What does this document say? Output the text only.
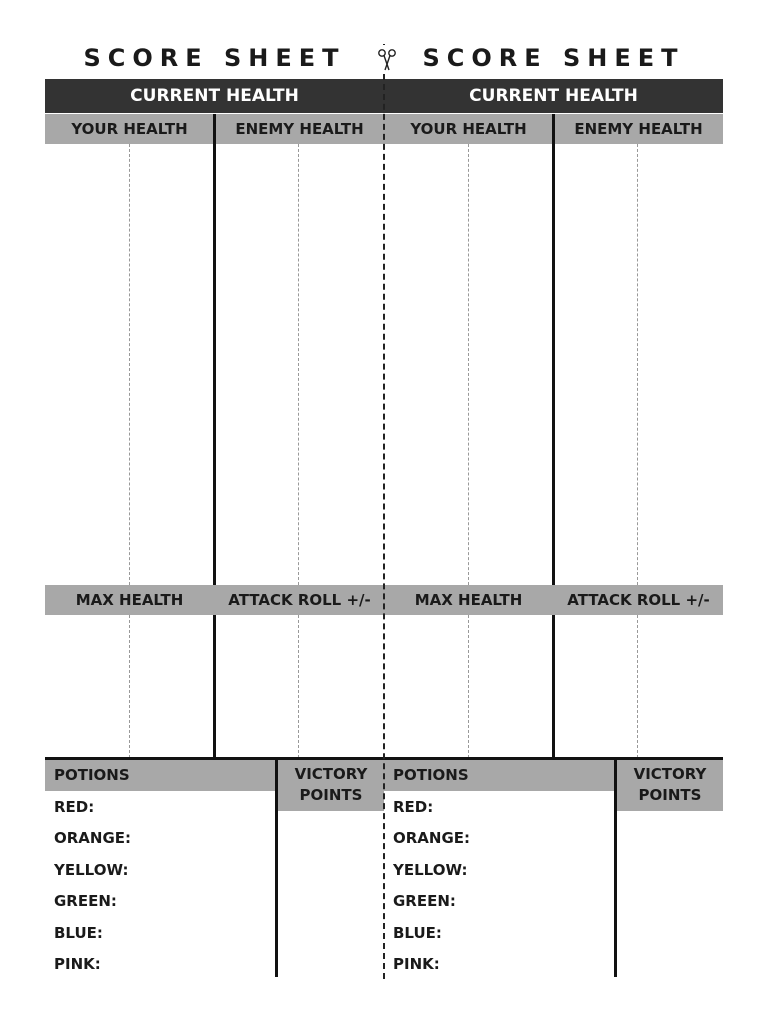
SCORE SHEET
CURRENT HEALTH
YOUR HEALTH	ENEMY HEALTH
MAX HEALTH	ATTACK ROLL +/-
POTIONS	VICTORY
POINTS
RED:
ORANGE:
YELLOW:
GREEN:
BLUE:
PINK:
SCORE SHEET
CURRENT HEALTH
YOUR HEALTH	ENEMY HEALTH
MAX HEALTH	ATTACK ROLL +/-
POTIONS	VICTORY
POINTS
RED:
ORANGE:
YELLOW:
GREEN:
BLUE:
PINK:
